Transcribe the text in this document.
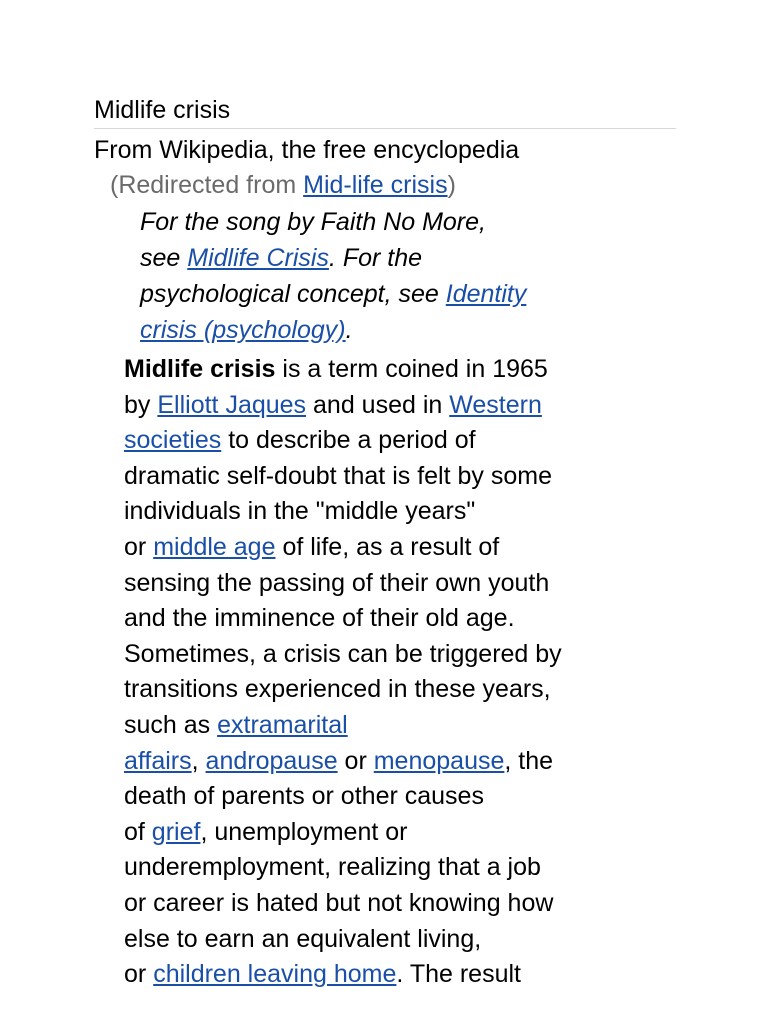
Midlife crisis
From Wikipedia, the free encyclopedia
(Redirected from Mid-life crisis)
For the song by Faith No More,
see Midlife Crisis. For the
psychological concept, see Identity
crisis (psychology).

Midlife crisis is a term coined in 1965
by Elliott Jaques and used in Western
societies to describe a period of
dramatic self-doubt that is felt by some
individuals in the "middle years"
or middle age of life, as a result of
sensing the passing of their own youth
and the imminence of their old age.
Sometimes, a crisis can be triggered by
transitions experienced in these years,
such as extramarital
affairs, andropause or menopause, the
death of parents or other causes
of grief, unemployment or
underemployment, realizing that a job
or career is hated but not knowing how
else to earn an equivalent living,
or children leaving home. The result
